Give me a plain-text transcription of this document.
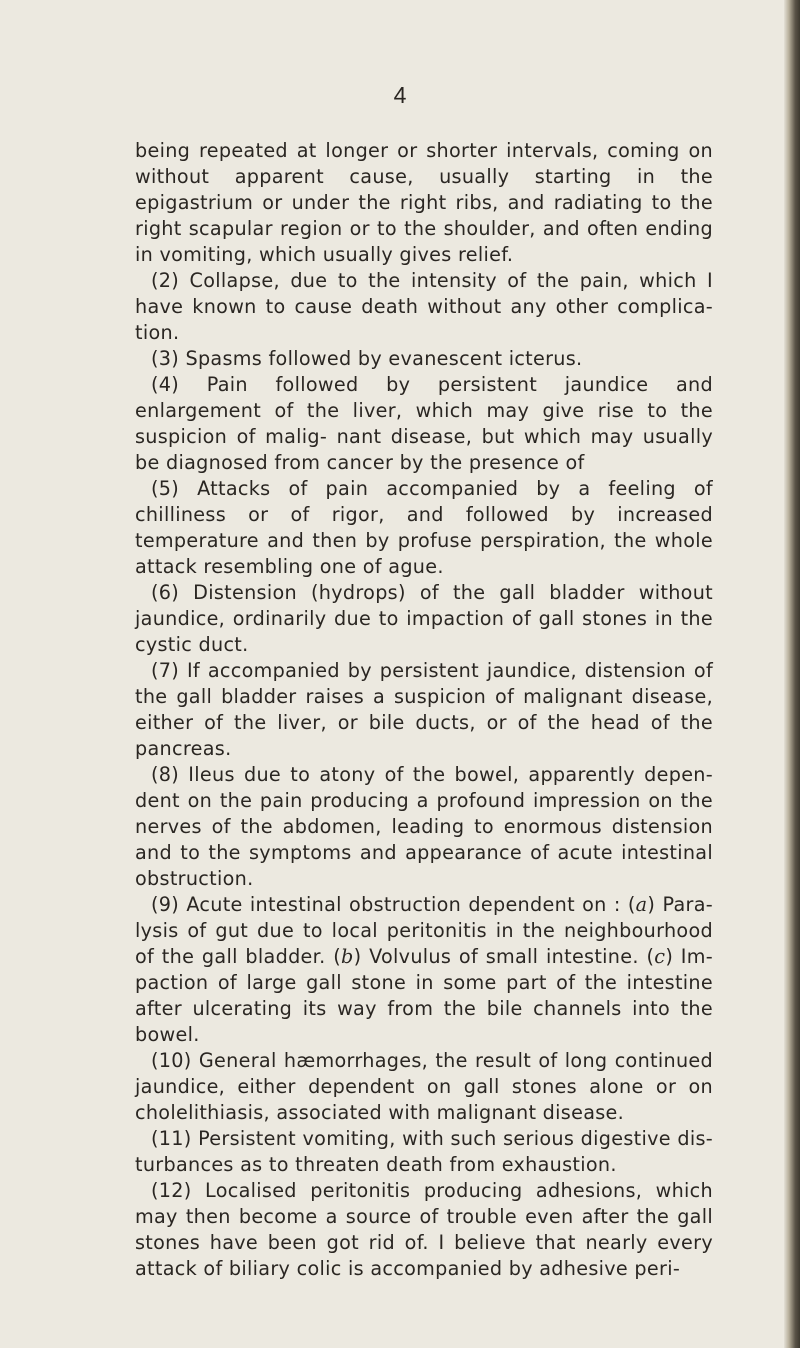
4

being repeated at longer or shorter intervals, coming on without apparent cause, usually starting in the epigastrium or under the right ribs, and radiating to the right scapular region or to the shoulder, and often ending in vomiting, which usually gives relief.

(2) Collapse, due to the intensity of the pain, which I have known to cause death without any other complica- tion.

(3) Spasms followed by evanescent icterus.

(4) Pain followed by persistent jaundice and enlargement of the liver, which may give rise to the suspicion of malig- nant disease, but which may usually be diagnosed from cancer by the presence of

(5) Attacks of pain accompanied by a feeling of chilliness or of rigor, and followed by increased temperature and then by profuse perspiration, the whole attack resembling one of ague.

(6) Distension (hydrops) of the gall bladder without jaundice, ordinarily due to impaction of gall stones in the cystic duct.

(7) If accompanied by persistent jaundice, distension of the gall bladder raises a suspicion of malignant disease, either of the liver, or bile ducts, or of the head of the pancreas.

(8) Ileus due to atony of the bowel, apparently depen- dent on the pain producing a profound impression on the nerves of the abdomen, leading to enormous distension and to the symptoms and appearance of acute intestinal obstruction.

(9) Acute intestinal obstruction dependent on : (a) Para- lysis of gut due to local peritonitis in the neighbourhood of the gall bladder. (b) Volvulus of small intestine. (c) Im- paction of large gall stone in some part of the intestine after ulcerating its way from the bile channels into the bowel.

(10) General hæmorrhages, the result of long continued jaundice, either dependent on gall stones alone or on cholelithiasis, associated with malignant disease.

(11) Persistent vomiting, with such serious digestive dis- turbances as to threaten death from exhaustion.

(12) Localised peritonitis producing adhesions, which may then become a source of trouble even after the gall stones have been got rid of. I believe that nearly every attack of biliary colic is accompanied by adhesive peri-
